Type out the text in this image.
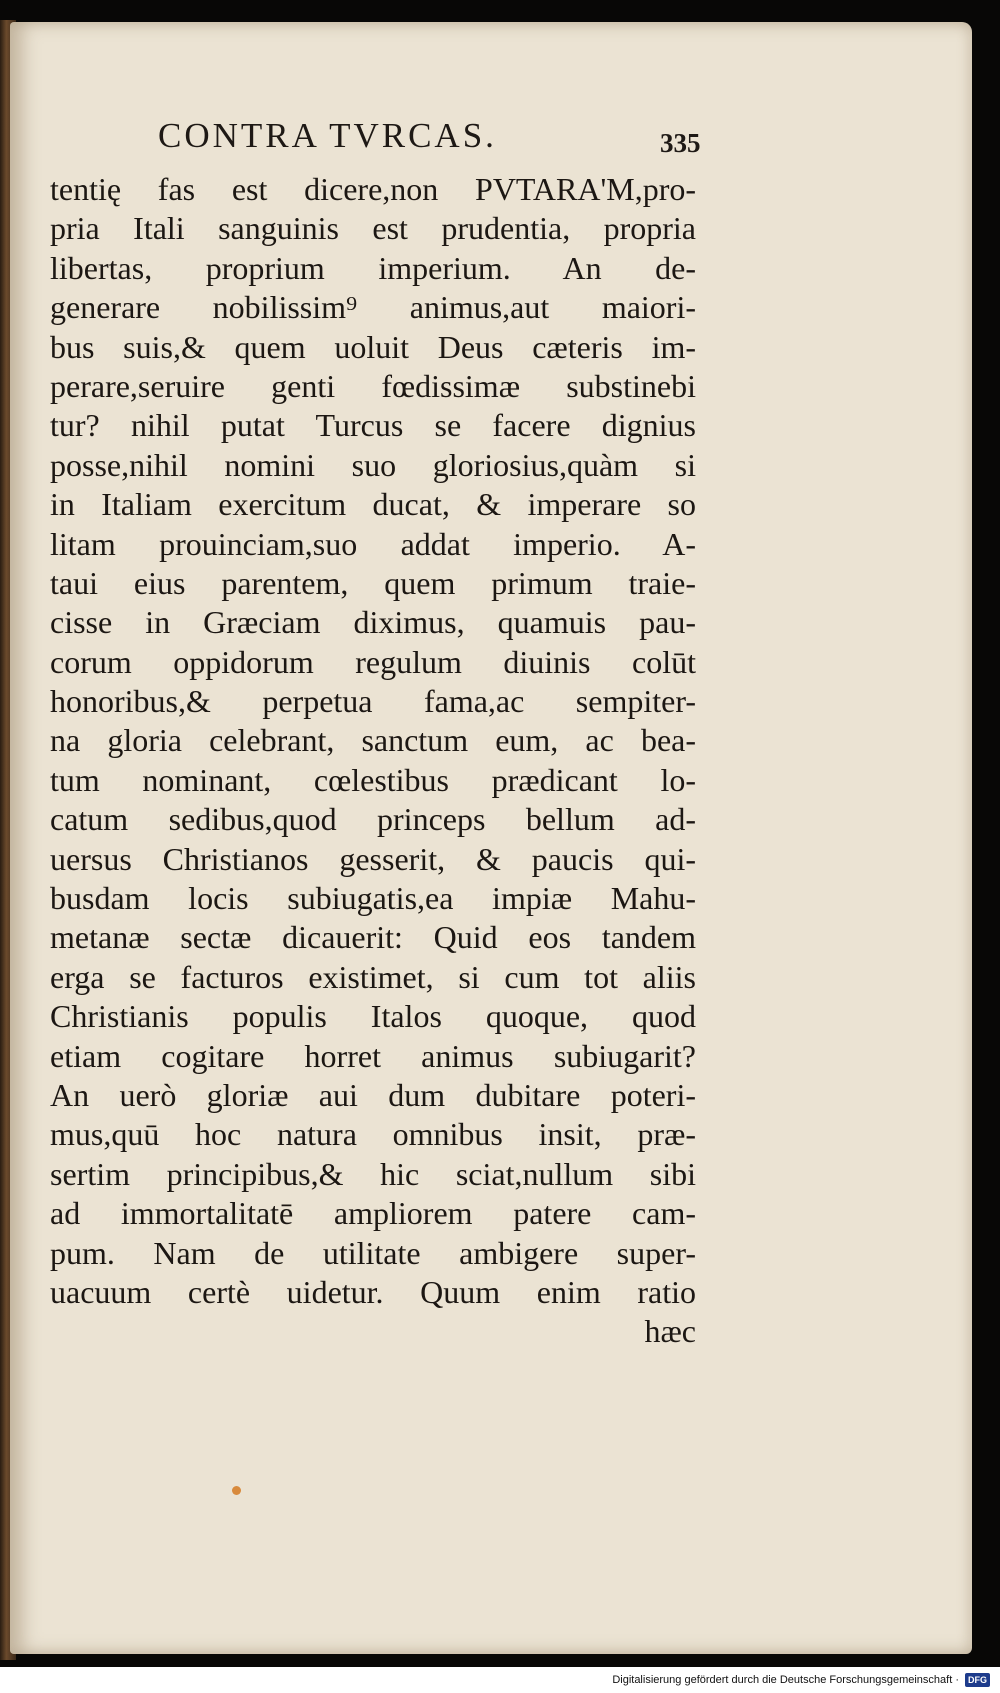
CONTRA TVRCAS.	335
tentię fas est dicere,non PVTARA'M,pro-
pria Itali sanguinis est prudentia, propria
libertas, proprium imperium. An de-
generare nobilissim⁹ animus,aut maiori-
bus suis,& quem uoluit Deus cæteris im-
perare,seruire genti fœdissimæ substinebi
tur? nihil putat Turcus se facere dignius
posse,nihil nomini suo gloriosius,quàm si
in Italiam exercitum ducat, & imperare so
litam prouinciam,suo addat imperio. A-
taui eius parentem, quem primum traie-
cisse in Græciam diximus, quamuis pau-
corum oppidorum regulum diuinis colūt
honoribus,& perpetua fama,ac sempiter-
na gloria celebrant, sanctum eum, ac bea-
tum nominant, cœlestibus prædicant lo-
catum sedibus,quod princeps bellum ad-
uersus Christianos gesserit, & paucis qui-
busdam locis subiugatis,ea impiæ Mahu-
metanæ sectæ dicauerit: Quid eos tandem
erga se facturos existimet, si cum tot aliis
Christianis populis Italos quoque, quod
etiam cogitare horret animus subiugarit?
An uerò gloriæ aui dum dubitare poteri-
mus,quū hoc natura omnibus insit, præ-
sertim principibus,& hic sciat,nullum sibi
ad immortalitatē ampliorem patere cam-
pum. Nam de utilitate ambigere super-
uacuum certè uidetur. Quum enim ratio
hæc
Digitalisierung gefördert durch die Deutsche Forschungsgemeinschaft ·	DFG
